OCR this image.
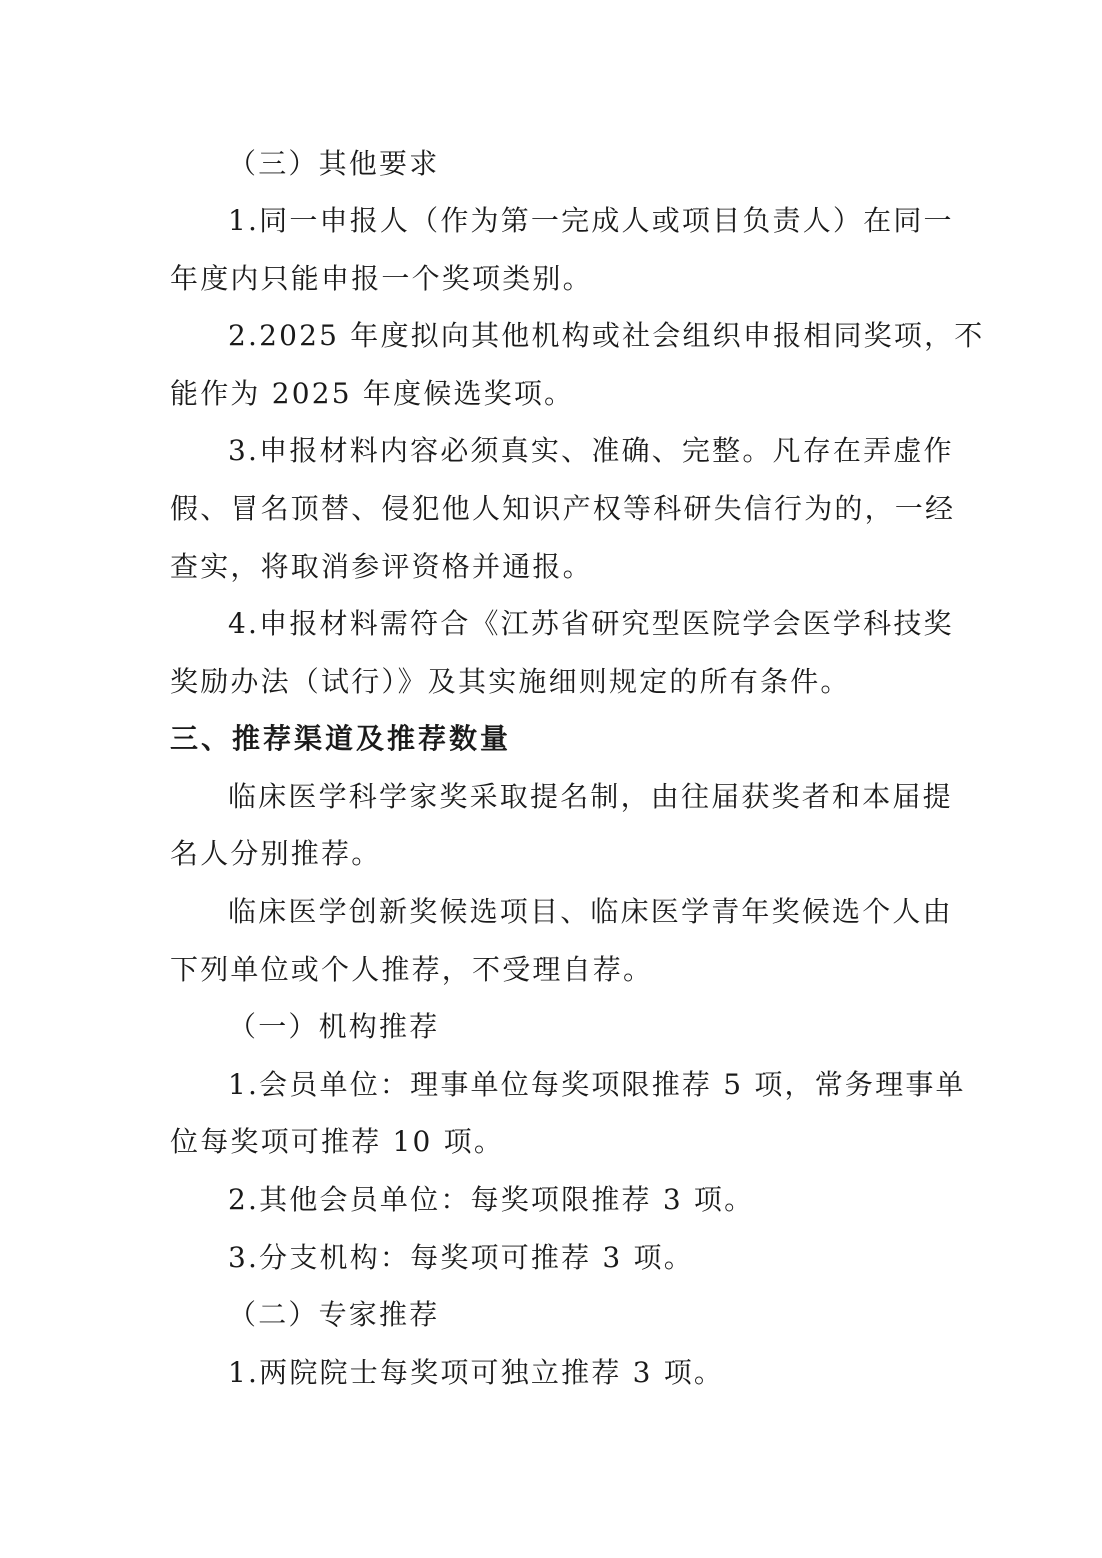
（三）其他要求
1.同一申报人（作为第一完成人或项目负责人）在同一
年度内只能申报一个奖项类别。
2.2025 年度拟向其他机构或社会组织申报相同奖项，不
能作为 2025 年度候选奖项。
3.申报材料内容必须真实、准确、完整。凡存在弄虚作
假、冒名顶替、侵犯他人知识产权等科研失信行为的，一经
查实，将取消参评资格并通报。
4.申报材料需符合《江苏省研究型医院学会医学科技奖
奖励办法（试行）》及其实施细则规定的所有条件。
三、推荐渠道及推荐数量
临床医学科学家奖采取提名制，由往届获奖者和本届提
名人分别推荐。
临床医学创新奖候选项目、临床医学青年奖候选个人由
下列单位或个人推荐，不受理自荐。
（一）机构推荐
1.会员单位：理事单位每奖项限推荐 5 项，常务理事单
位每奖项可推荐 10 项。
2.其他会员单位：每奖项限推荐 3 项。
3.分支机构：每奖项可推荐 3 项。
（二）专家推荐
1.两院院士每奖项可独立推荐 3 项。
